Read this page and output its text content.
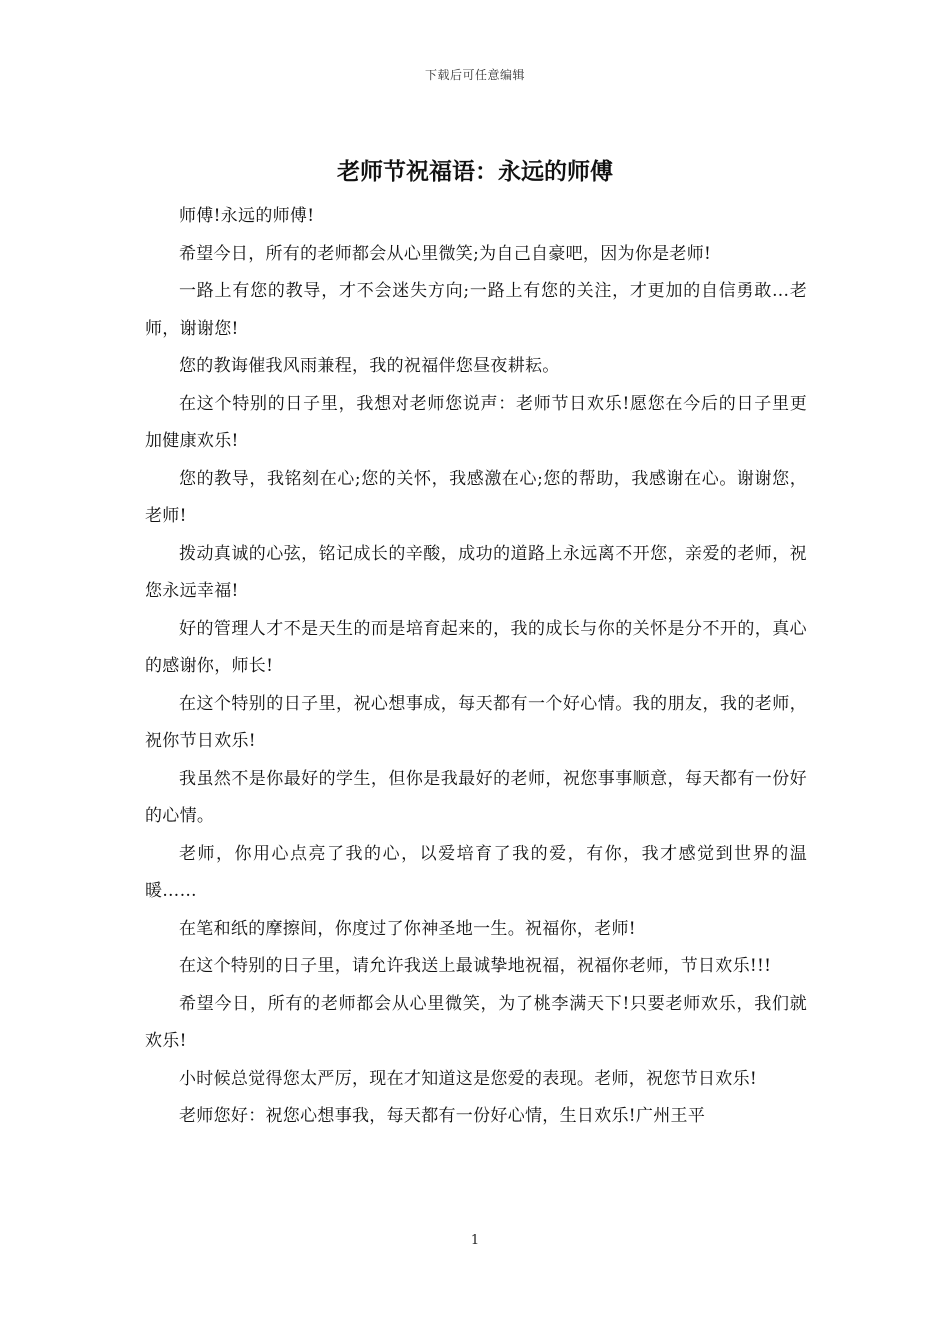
下载后可任意编辑
老师节祝福语：永远的师傅

师傅!永远的师傅!

希望今日，所有的老师都会从心里微笑;为自己自豪吧，因为你是老师!

一路上有您的教导，才不会迷失方向;一路上有您的关注，才更加的自信勇敢...老师，谢谢您!

您的教诲催我风雨兼程，我的祝福伴您昼夜耕耘。

在这个特别的日子里，我想对老师您说声：老师节日欢乐!愿您在今后的日子里更加健康欢乐!

您的教导，我铭刻在心;您的关怀，我感激在心;您的帮助，我感谢在心。谢谢您，老师!

拨动真诚的心弦，铭记成长的辛酸，成功的道路上永远离不开您，亲爱的老师，祝您永远幸福!

好的管理人才不是天生的而是培育起来的，我的成长与你的关怀是分不开的，真心的感谢你，师长!

在这个特别的日子里，祝心想事成，每天都有一个好心情。我的朋友，我的老师，祝你节日欢乐!

我虽然不是你最好的学生，但你是我最好的老师，祝您事事顺意，每天都有一份好的心情。

老师，你用心点亮了我的心，以爱培育了我的爱，有你，我才感觉到世界的温暖……

在笔和纸的摩擦间，你度过了你神圣地一生。祝福你，老师!

在这个特别的日子里，请允许我送上最诚挚地祝福，祝福你老师，节日欢乐!!!

希望今日，所有的老师都会从心里微笑，为了桃李满天下!只要老师欢乐，我们就欢乐!

小时候总觉得您太严厉，现在才知道这是您爱的表现。老师，祝您节日欢乐!

老师您好：祝您心想事我，每天都有一份好心情，生日欢乐!广州王平

1
